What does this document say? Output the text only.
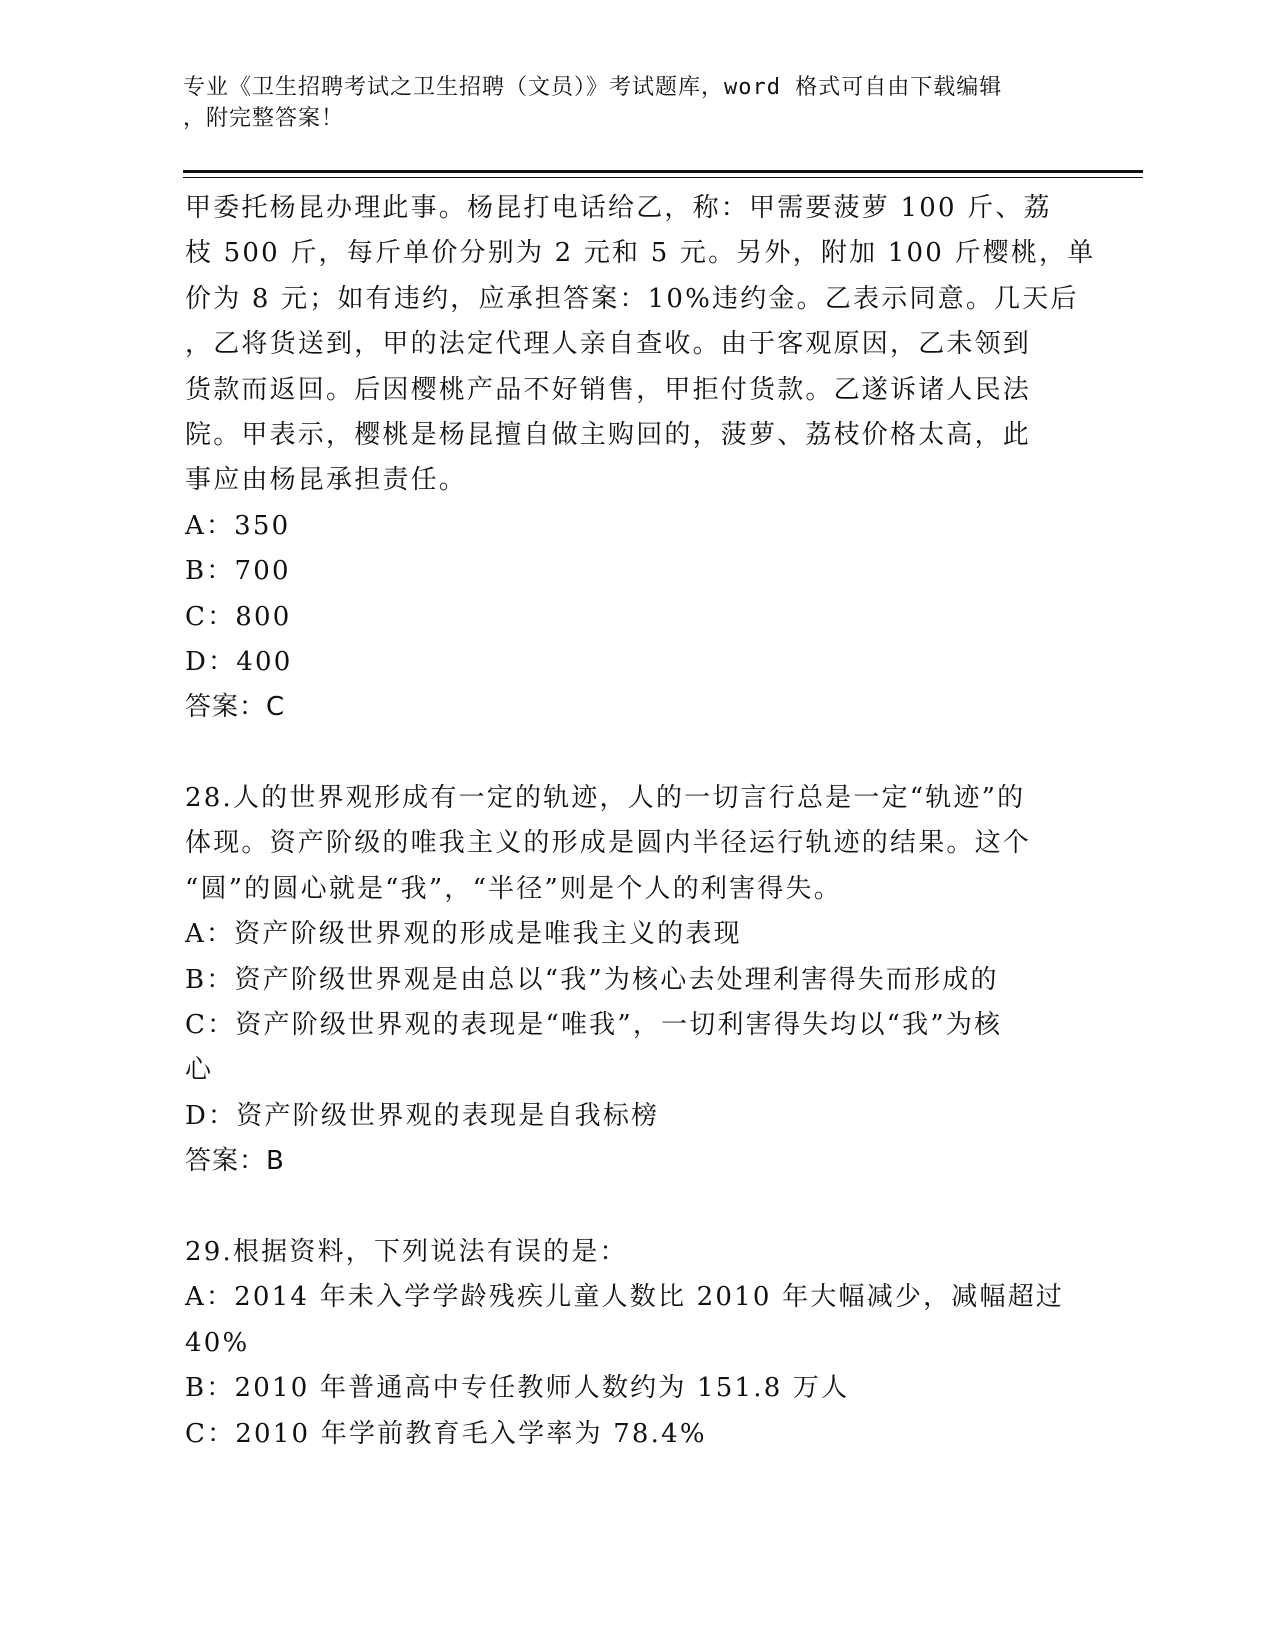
专业《卫生招聘考试之卫生招聘（文员）》考试题库，word 格式可自由下载编辑
，附完整答案！
甲委托杨昆办理此事。杨昆打电话给乙，称：甲需要菠萝 100 斤、荔
枝 500 斤，每斤单价分别为 2 元和 5 元。另外，附加 100 斤樱桃，单
价为 8 元；如有违约，应承担答案：10%违约金。乙表示同意。几天后
，乙将货送到，甲的法定代理人亲自查收。由于客观原因，乙未领到
货款而返回。后因樱桃产品不好销售，甲拒付货款。乙遂诉诸人民法
院。甲表示，樱桃是杨昆擅自做主购回的，菠萝、荔枝价格太高，此
事应由杨昆承担责任。
A：350
B：700
C：800
D：400
答案：C
28.人的世界观形成有一定的轨迹，人的一切言行总是一定“轨迹”的
体现。资产阶级的唯我主义的形成是圆内半径运行轨迹的结果。这个
“圆”的圆心就是“我”，“半径”则是个人的利害得失。
A：资产阶级世界观的形成是唯我主义的表现
B：资产阶级世界观是由总以“我”为核心去处理利害得失而形成的
C：资产阶级世界观的表现是“唯我”，一切利害得失均以“我”为核
心
D：资产阶级世界观的表现是自我标榜
答案：B
29.根据资料，下列说法有误的是：
A：2014 年未入学学龄残疾儿童人数比 2010 年大幅减少，减幅超过
40%
B：2010 年普通高中专任教师人数约为 151.8 万人
C：2010 年学前教育毛入学率为 78.4%
